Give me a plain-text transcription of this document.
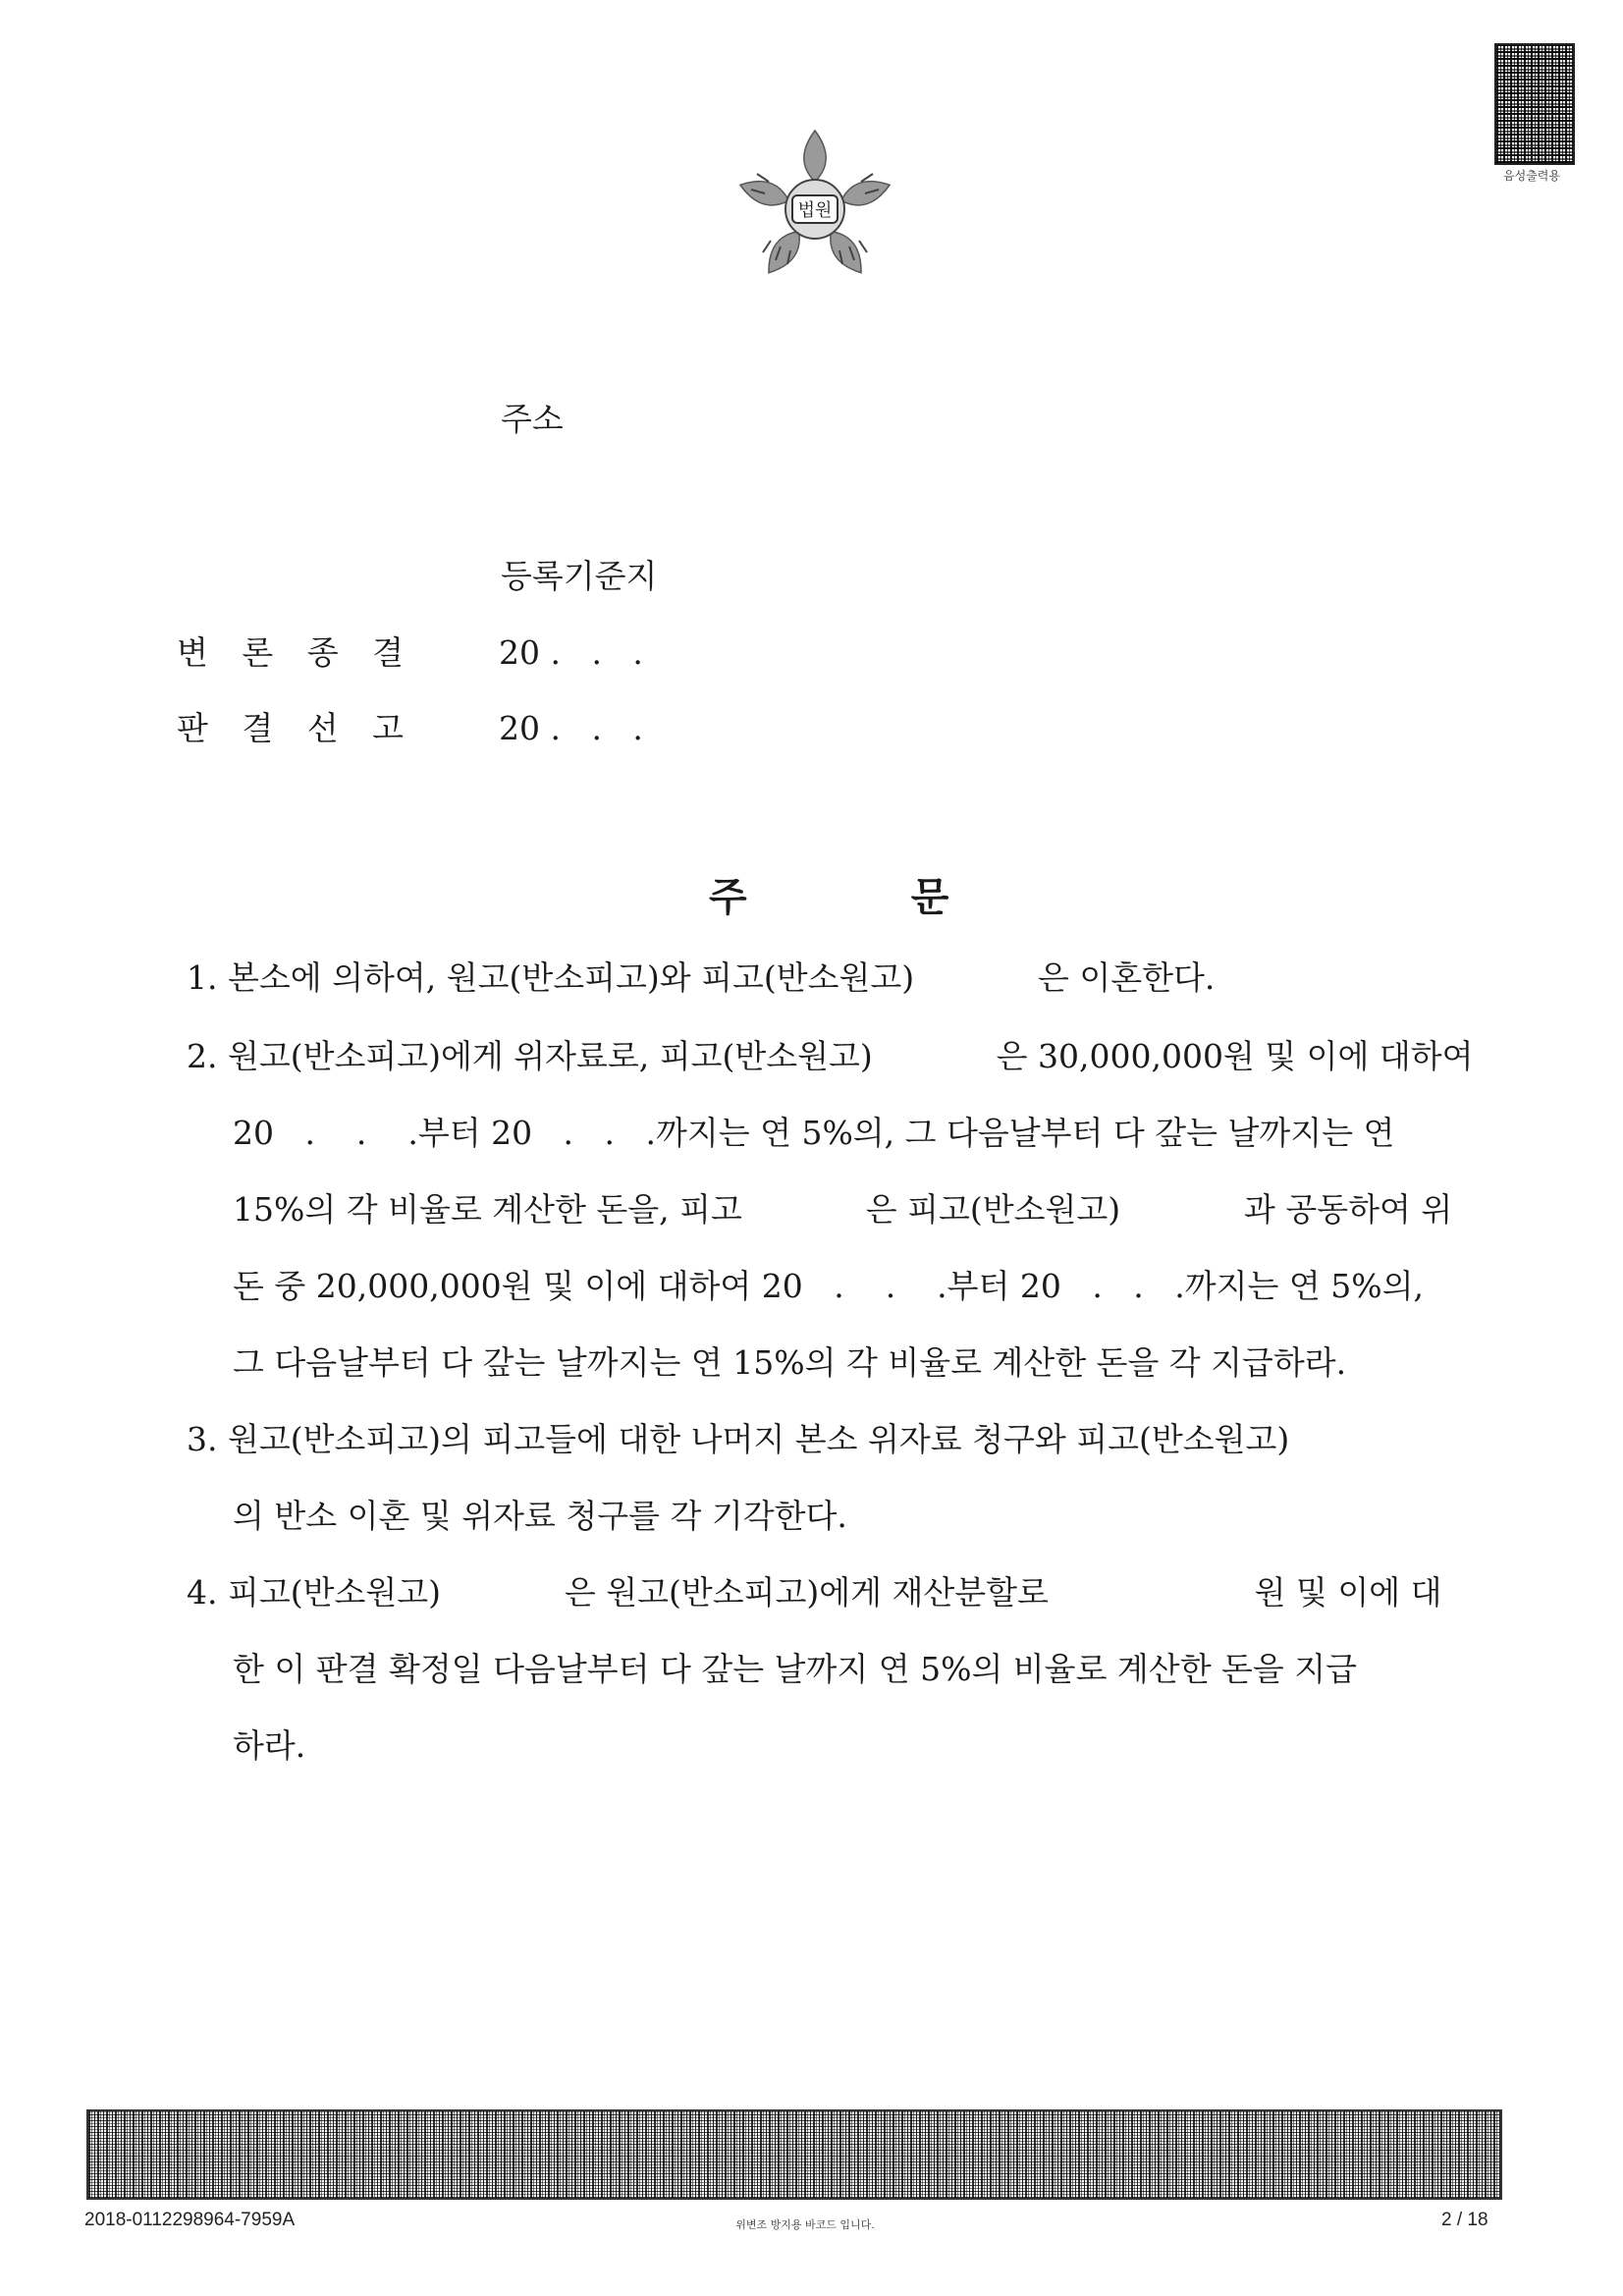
음성출력용
법원
주소
등록기준지
변 론 종 결	20 .   .   .
판 결 선 고	20 .   .   .
주            문
1. 본소에 의하여, 원고(반소피고)와 피고(반소원고)            은 이혼한다.
2. 원고(반소피고)에게 위자료로, 피고(반소원고)            은 30,000,000원 및 이에 대하여
20   .    .    .부터 20   .   .   .까지는 연 5%의, 그 다음날부터 다 갚는 날까지는 연
15%의 각 비율로 계산한 돈을, 피고            은 피고(반소원고)            과 공동하여 위
돈 중 20,000,000원 및 이에 대하여 20   .    .    .부터 20   .   .   .까지는 연 5%의,
그 다음날부터 다 갚는 날까지는 연 15%의 각 비율로 계산한 돈을 각 지급하라.
3. 원고(반소피고)의 피고들에 대한 나머지 본소 위자료 청구와 피고(반소원고)
의 반소 이혼 및 위자료 청구를 각 기각한다.
4. 피고(반소원고)            은 원고(반소피고)에게 재산분할로                    원 및 이에 대
한 이 판결 확정일 다음날부터 다 갚는 날까지 연 5%의 비율로 계산한 돈을 지급
하라.
2018-0112298964-7959A	위변조 방지용 바코드 입니다.	2 / 18
